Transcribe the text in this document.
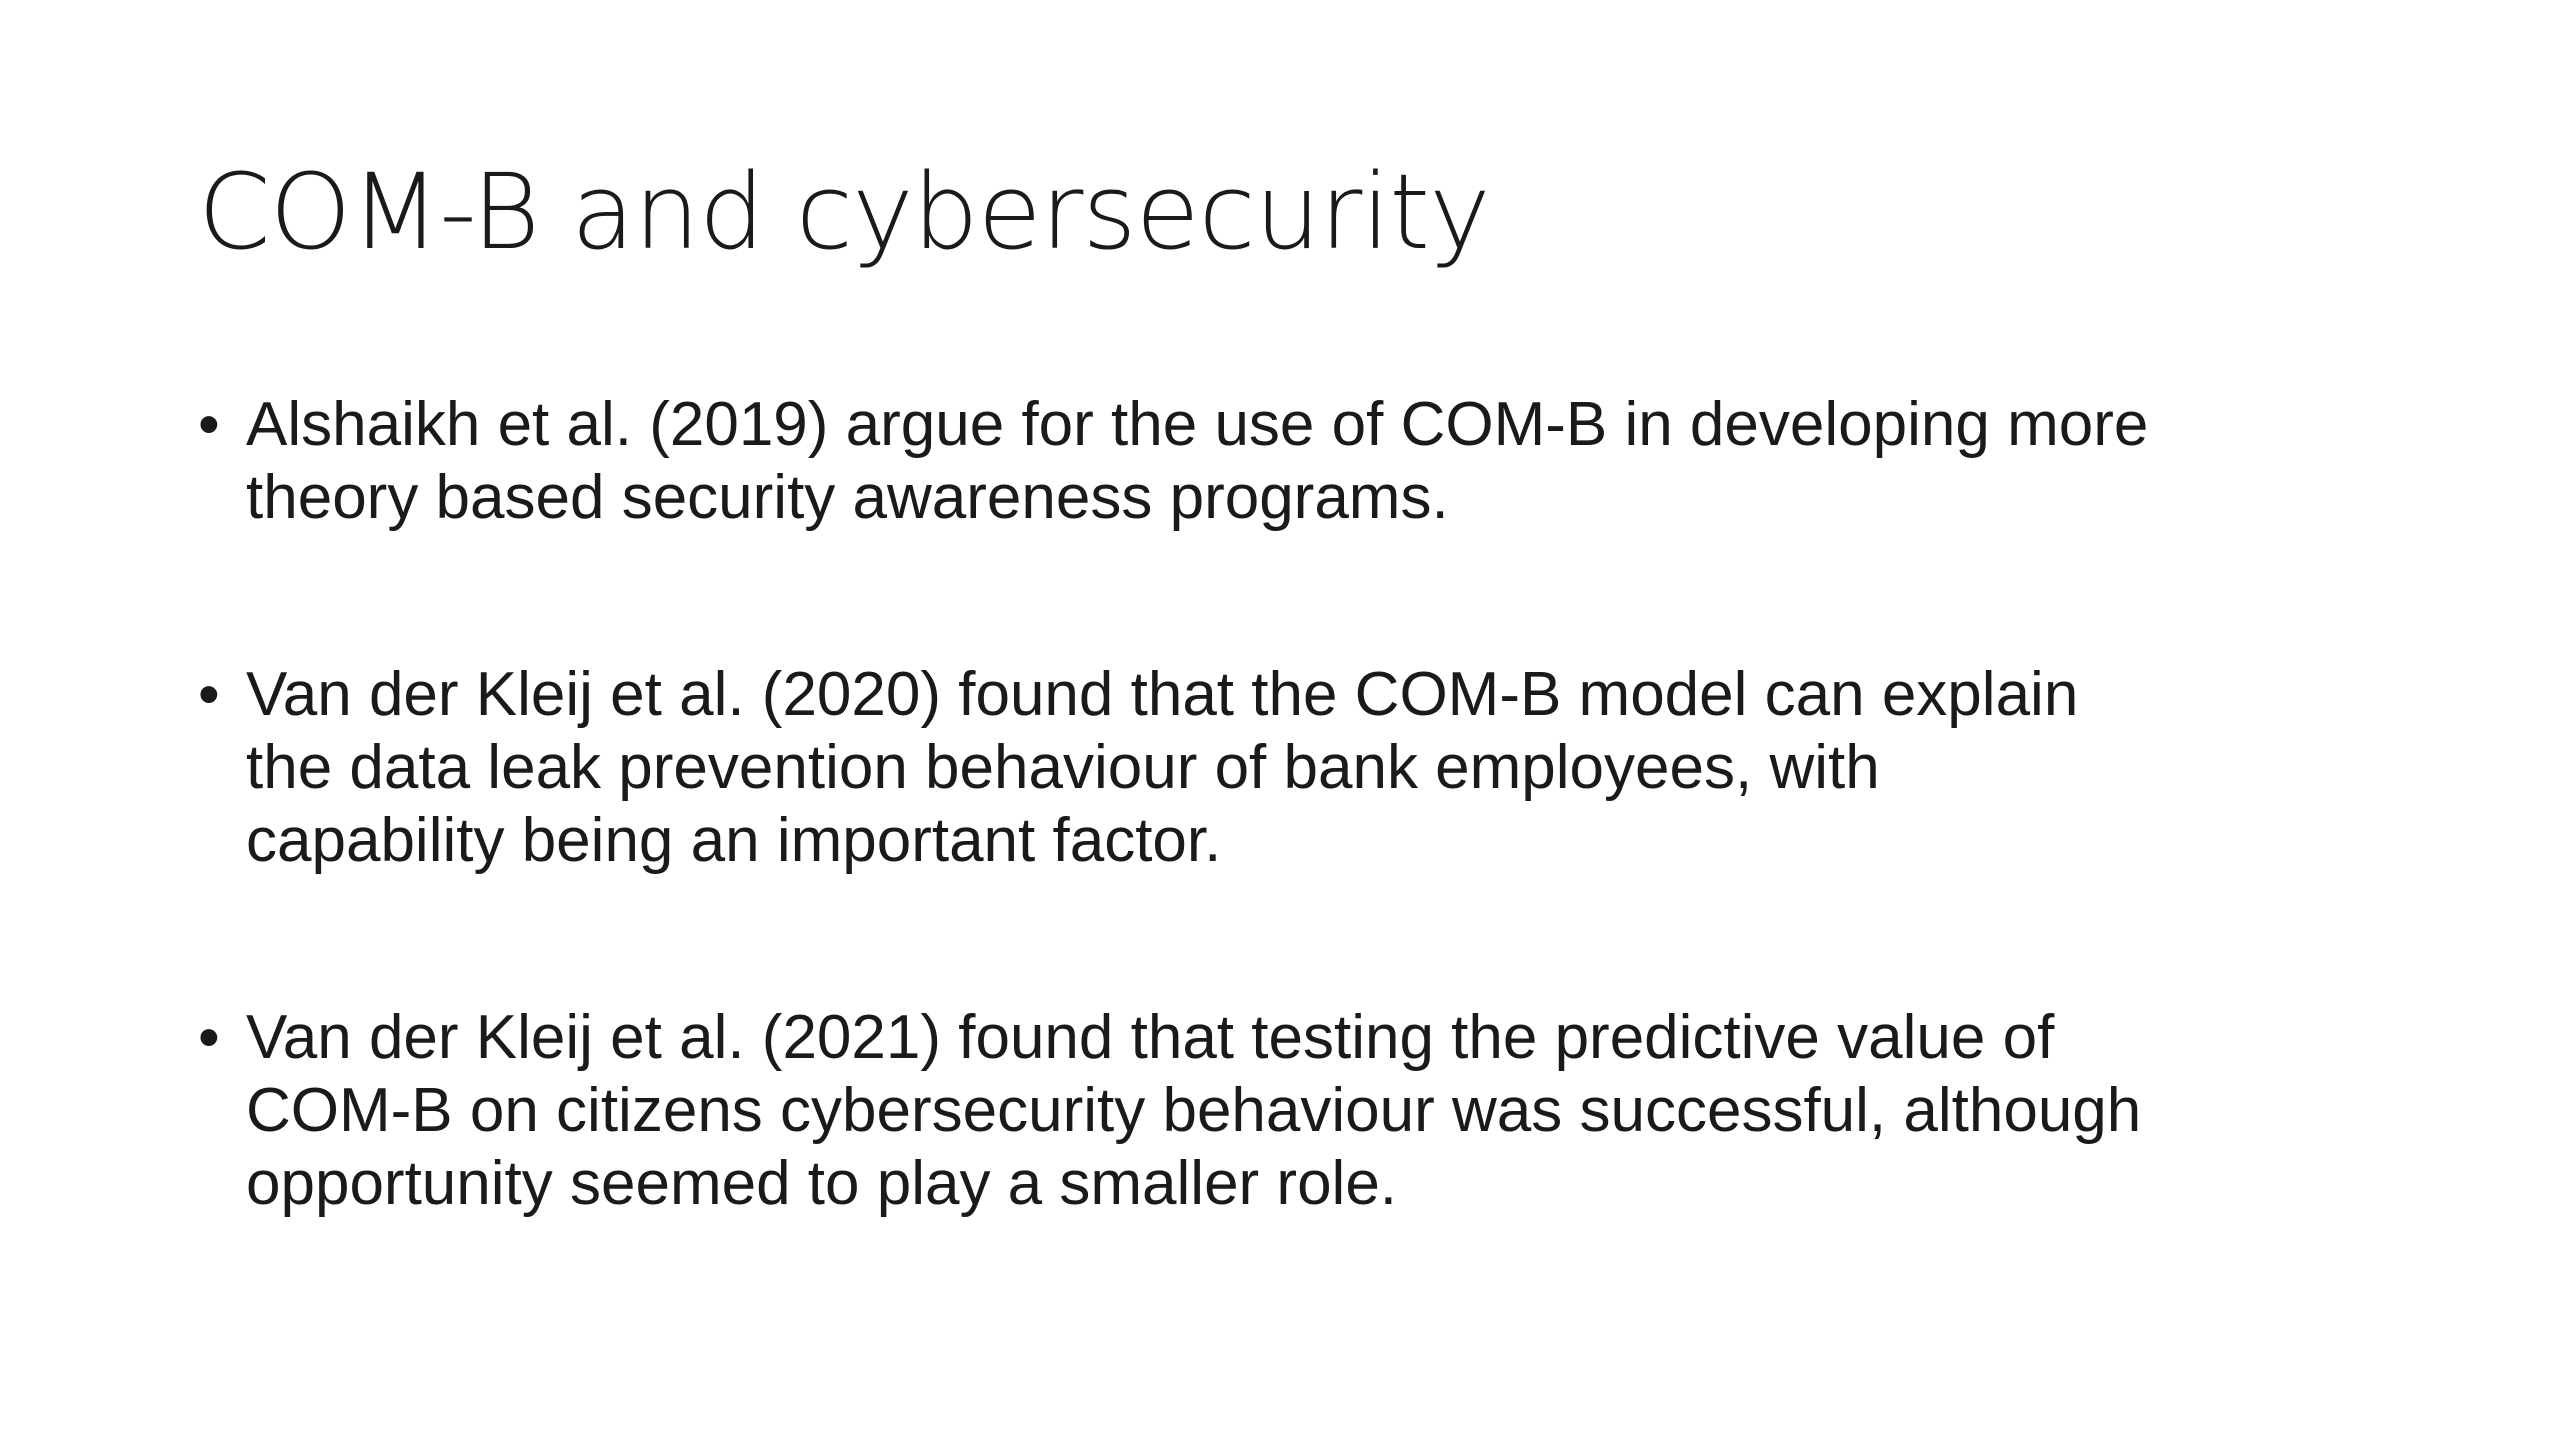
COM-B and cybersecurity
• Alshaikh et al. (2019) argue for the use of COM-B in developing more
theory based security awareness programs.
• Van der Kleij et al. (2020) found that the COM-B model can explain
the data leak prevention behaviour of bank employees, with
capability being an important factor.
• Van der Kleij et al. (2021) found that testing the predictive value of
COM-B on citizens cybersecurity behaviour was successful, although
opportunity seemed to play a smaller role.
